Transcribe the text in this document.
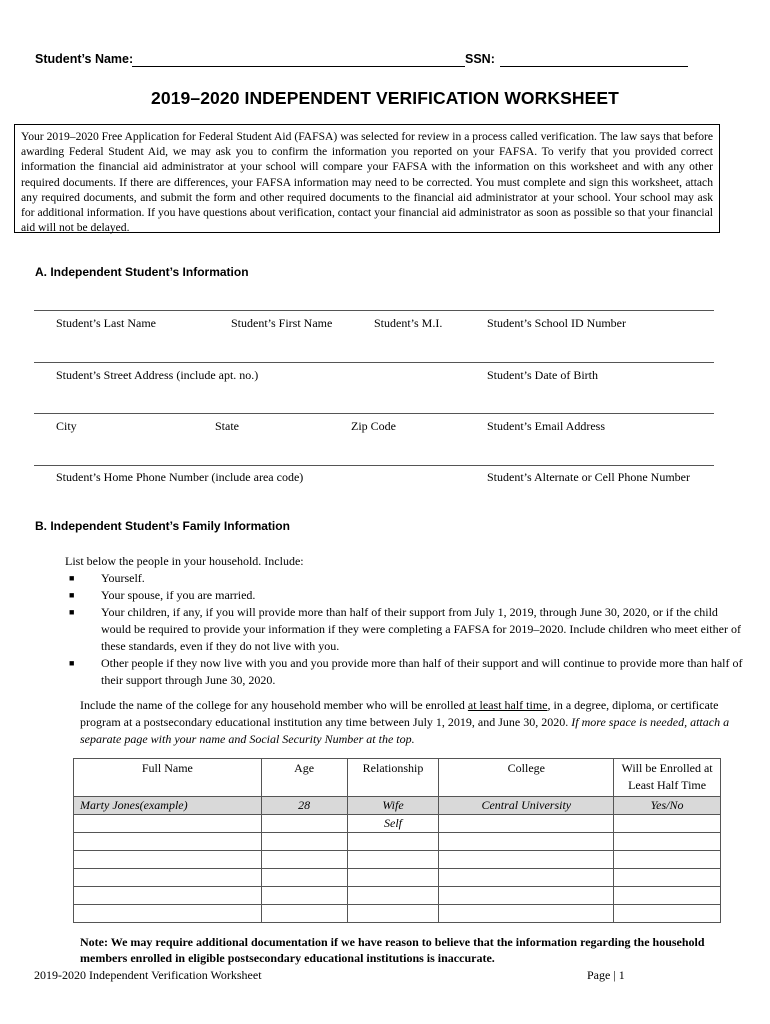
Student’s Name:	SSN:
2019–2020 INDEPENDENT VERIFICATION WORKSHEET
Your 2019–2020 Free Application for Federal Student Aid (FAFSA) was selected for review in a process called verification. The law says that before awarding Federal Student Aid, we may ask you to confirm the information you reported on your FAFSA. To verify that you provided correct information the financial aid administrator at your school will compare your FAFSA with the information on this worksheet and with any other required documents. If there are differences, your FAFSA information may need to be corrected. You must complete and sign this worksheet, attach any required documents, and submit the form and other required documents to the financial aid administrator at your school. Your school may ask for additional information. If you have questions about verification, contact your financial aid administrator as soon as possible so that your financial aid will not be delayed.
A. Independent Student’s Information
Student’s Last Name	Student’s First Name	Student’s M.I.	Student’s School ID Number
Student’s Street Address (include apt. no.)	Student’s Date of Birth
City	State	Zip Code	Student’s Email Address
Student’s Home Phone Number (include area code)	Student’s Alternate or Cell Phone Number
B. Independent Student’s Family Information

List below the people in your household. Include:

■ Yourself.
■ Your spouse, if you are married.
■ Your children, if any, if you will provide more than half of their support from July 1, 2019, through June 30, 2020, or if the child would be required to provide your information if they were completing a FAFSA for 2019–2020. Include children who meet either of these standards, even if they do not live with you.
■ Other people if they now live with you and you provide more than half of their support and will continue to provide more than half of their support through June 30, 2020.
Include the name of the college for any household member who will be enrolled at least half time, in a degree, diploma, or certificate program at a postsecondary educational institution any time between July 1, 2019, and June 30, 2020. If more space is needed, attach a separate page with your name and Social Security Number at the top.
Full Name	Age	Relationship	College	Will be Enrolled at Least Half Time
Marty Jones(example)	28	Wife	Central University	Yes/No
		Self		

Note: We may require additional documentation if we have reason to believe that the information regarding the household members enrolled in eligible postsecondary educational institutions is inaccurate.
2019-2020 Independent Verification Worksheet	Page | 1
